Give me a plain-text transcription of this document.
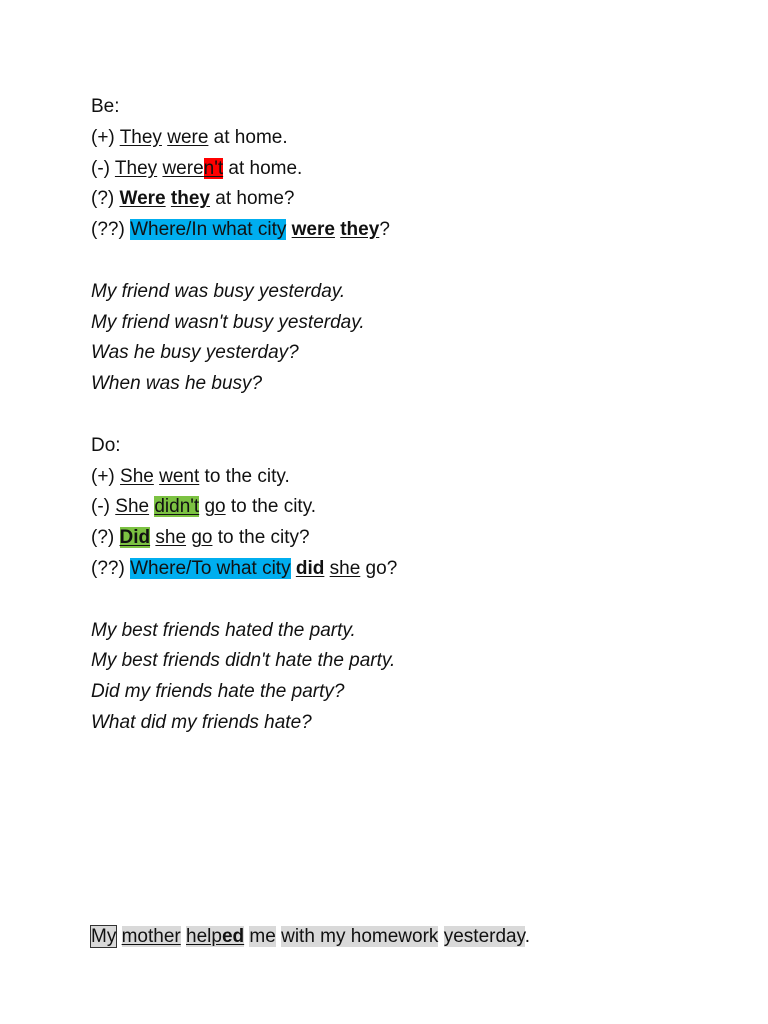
Be:
(+) They were at home.
(-) They weren't at home.
(?) Were they at home?
(??) Where/In what city were they?
My friend was busy yesterday.
My friend wasn't busy yesterday.
Was he busy yesterday?
When was he busy?
Do:
(+) She went to the city.
(-) She didn't go to the city.
(?) Did she go to the city?
(??) Where/To what city did she go?
My best friends hated the party.
My best friends didn't hate the party.
Did my friends hate the party?
What did my friends hate?
My mother helped me with my homework yesterday.
